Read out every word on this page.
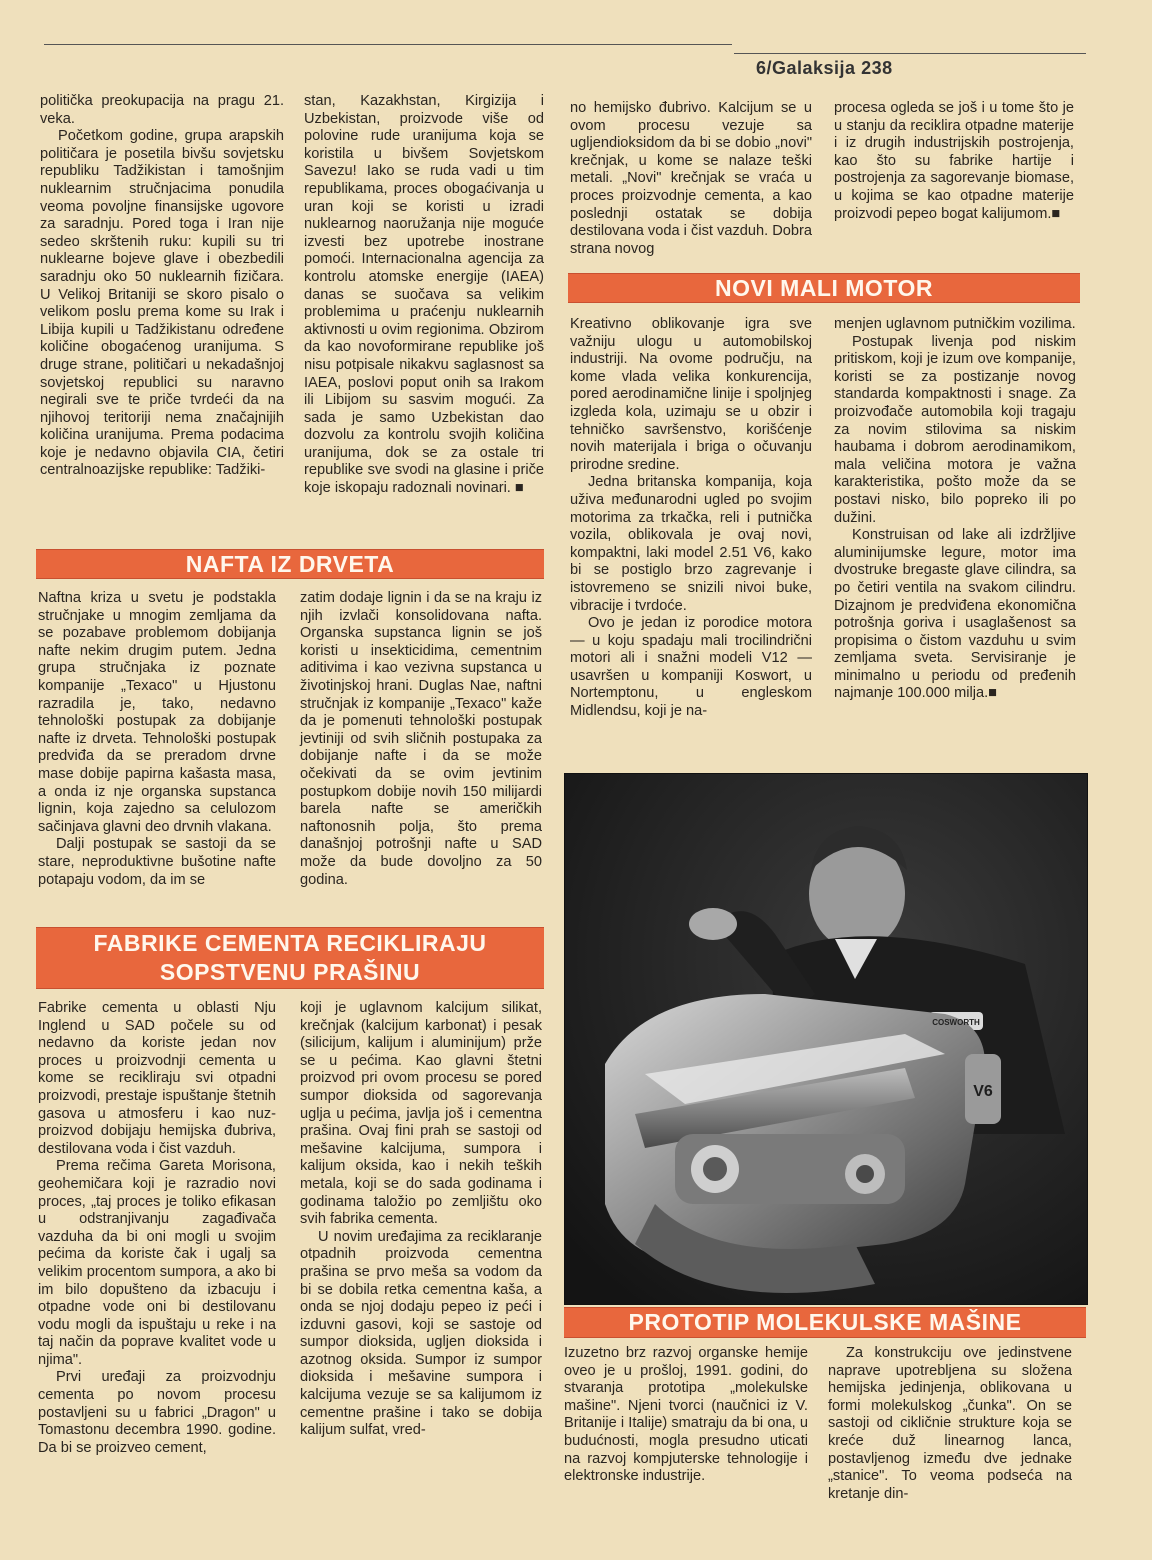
6/Galaksija 238

politička preokupacija na pragu 21. veka.

Početkom godine, grupa arapskih političara je posetila bivšu sovjetsku republiku Tadžikistan i tamošnjim nuklearnim stručnjacima ponudila veoma povoljne finansijske ugovore za saradnju. Pored toga i Iran nije sedeo skrštenih ruku: kupili su tri nuklearne bojeve glave i obezbedili saradnju oko 50 nuklearnih fizičara. U Velikoj Britaniji se skoro pisalo o velikom poslu prema kome su Irak i Libija kupili u Tadžikistanu određene količine obogaćenog uranijuma. S druge strane, političari u nekadašnjoj sovjetskoj republici su naravno negirali sve te priče tvrdeći da na njihovoj teritoriji nema značajnijih količina uranijuma. Prema podacima koje je nedavno objavila CIA, četiri centralnoazijske republike: Tadžiki-

stan, Kazakhstan, Kirgizija i Uzbekistan, proizvode više od polovine rude uranijuma koja se koristila u bivšem Sovjetskom Savezu! Iako se ruda vadi u tim republikama, proces obogaćivanja u uran koji se koristi u izradi nuklearnog naoružanja nije moguće izvesti bez upotrebe inostrane pomoći. Internacionalna agencija za kontrolu atomske energije (IAEA) danas se suočava sa velikim problemima u praćenju nuklearnih aktivnosti u ovim regionima. Obzirom da kao novoformirane republike još nisu potpisale nikakvu saglasnost sa IAEA, poslovi poput onih sa Irakom ili Libijom su sasvim mogući. Za sada je samo Uzbekistan dao dozvolu za kontrolu svojih količina uranijuma, dok se za ostale tri republike sve svodi na glasine i priče koje iskopaju radoznali novinari. ■

no hemijsko đubrivo. Kalcijum se u ovom procesu vezuje sa ugljendioksidom da bi se dobio „novi" krečnjak, u kome se nalaze teški metali. „Novi" krečnjak se vraća u proces proizvodnje cementa, a kao poslednji ostatak se dobija destilovana voda i čist vazduh. Dobra strana novog

procesa ogleda se još i u tome što je u stanju da reciklira otpadne materije i iz drugih industrijskih postrojenja, kao što su fabrike hartije i postrojenja za sagorevanje biomase, u kojima se kao otpadne materije proizvodi pepeo bogat kalijumom.■

NOVI MALI MOTOR

Kreativno oblikovanje igra sve važniju ulogu u automobilskoj industriji. Na ovome području, na kome vlada velika konkurencija, pored aerodinamične linije i spoljnjeg izgleda kola, uzimaju se u obzir i tehničko savršenstvo, korišćenje novih materijala i briga o očuvanju prirodne sredine.

Jedna britanska kompanija, koja uživa međunarodni ugled po svojim motorima za trkačka, reli i putnička vozila, oblikovala je ovaj novi, kompaktni, laki model 2.51 V6, kako bi se postiglo brzo zagrevanje i istovremeno se snizili nivoi buke, vibracije i tvrdoće.

Ovo je jedan iz porodice motora — u koju spadaju mali trocilindrični motori ali i snažni modeli V12 — usavršen u kompaniji Koswort, u Nortemptonu, u engleskom Midlendsu, koji je na-

menjen uglavnom putničkim vozilima.

Postupak livenja pod niskim pritiskom, koji je izum ove kompanije, koristi se za postizanje novog standarda kompaktnosti i snage. Za proizvođače automobila koji tragaju za novim stilovima sa niskim haubama i dobrom aerodinamikom, mala veličina motora je važna karakteristika, pošto može da se postavi nisko, bilo popreko ili po dužini.

Konstruisan od lake ali izdržljive aluminijumske legure, motor ima dvostruke bregaste glave cilindra, sa po četiri ventila na svakom cilindru. Dizajnom je predviđena ekonomična potrošnja goriva i usaglašenost sa propisima o čistom vazduhu u svim zemljama sveta. Servisiranje je minimalno u periodu od pređenih najmanje 100.000 milja.■

NAFTA IZ DRVETA

Naftna kriza u svetu je podstakla stručnjake u mnogim zemljama da se pozabave problemom dobijanja nafte nekim drugim putem. Jedna grupa stručnjaka iz poznate kompanije „Texaco" u Hjustonu razradila je, tako, nedavno tehnološki postupak za dobijanje nafte iz drveta. Tehnološki postupak predviđa da se preradom drvne mase dobije papirna kašasta masa, a onda iz nje organska supstanca lignin, koja zajedno sa celulozom sačinjava glavni deo drvnih vlakana.

Dalji postupak se sastoji da se stare, neproduktivne bušotine nafte potapaju vodom, da im se

zatim dodaje lignin i da se na kraju iz njih izvlači konsolidovana nafta. Organska supstanca lignin se još koristi u insekticidima, cementnim aditivima i kao vezivna supstanca u životinjskoj hrani. Duglas Nae, naftni stručnjak iz kompanije „Texaco" kaže da je pomenuti tehnološki postupak jevtiniji od svih sličnih postupaka za dobijanje nafte i da se može očekivati da se ovim jevtinim postupkom dobije novih 150 milijardi barela nafte se američkih naftonosnih polja, što prema današnjoj potrošnji nafte u SAD može da bude dovoljno za 50 godina.

FABRIKE CEMENTA RECIKLIRAJU
SOPSTVENU PRAŠINU

Fabrike cementa u oblasti Nju Inglend u SAD počele su od nedavno da koriste jedan nov proces u proizvodnji cementa u kome se recikliraju svi otpadni proizvodi, prestaje ispuštanje štetnih gasova u atmosferu i kao nuz-proizvod dobijaju hemijska đubriva, destilovana voda i čist vazduh.

Prema rečima Gareta Morisona, geohemičara koji je razradio novi proces, „taj proces je toliko efikasan u odstranjivanju zagađivača vazduha da bi oni mogli u svojim pećima da koriste čak i ugalj sa velikim procentom sumpora, a ako bi im bilo dopušteno da izbacuju i otpadne vode oni bi destilovanu vodu mogli da ispuštaju u reke i na taj način da poprave kvalitet vode u njima".

Prvi uređaji za proizvodnju cementa po novom procesu postavljeni su u fabrici „Dragon" u Tomastonu decembra 1990. godine. Da bi se proizveo cement,

koji je uglavnom kalcijum silikat, krečnjak (kalcijum karbonat) i pesak (silicijum, kalijum i aluminijum) prže se u pećima. Kao glavni štetni proizvod pri ovom procesu se pored sumpor dioksida od sagorevanja uglja u pećima, javlja još i cementna prašina. Ovaj fini prah se sastoji od mešavine kalcijuma, sumpora i kalijum oksida, kao i nekih teških metala, koji se do sada godinama i godinama taložio po zemljištu oko svih fabrika cementa.

U novim uređajima za reciklaranje otpadnih proizvoda cementna prašina se prvo meša sa vodom da bi se dobila retka cementna kaša, a onda se njoj dodaju pepeo iz peći i izduvni gasovi, koji se sastoje od sumpor dioksida, ugljen dioksida i azotnog oksida. Sumpor iz sumpor dioksida i mešavine sumpora i kalcijuma vezuje se sa kalijumom iz cementne prašine i tako se dobija kalijum sulfat, vred-

V6
COSWORTH
PROTOTIP MOLEKULSKE MAŠINE

Izuzetno brz razvoj organske hemije oveo je u prošloj, 1991. godini, do stvaranja prototipa „molekulske mašine". Njeni tvorci (naučnici iz V. Britanije i Italije) smatraju da bi ona, u budućnosti, mogla presudno uticati na razvoj kompjuterske tehnologije i elektronske industrije.

Za konstrukciju ove jedinstvene naprave upotrebljena su složena hemijska jedinjenja, oblikovana u formi molekulskog „čunka". On se sastoji od cikličnie strukture koja se kreće duž linearnog lanca, postavljenog između dve jednake „stanice". To veoma podseća na kretanje din-
